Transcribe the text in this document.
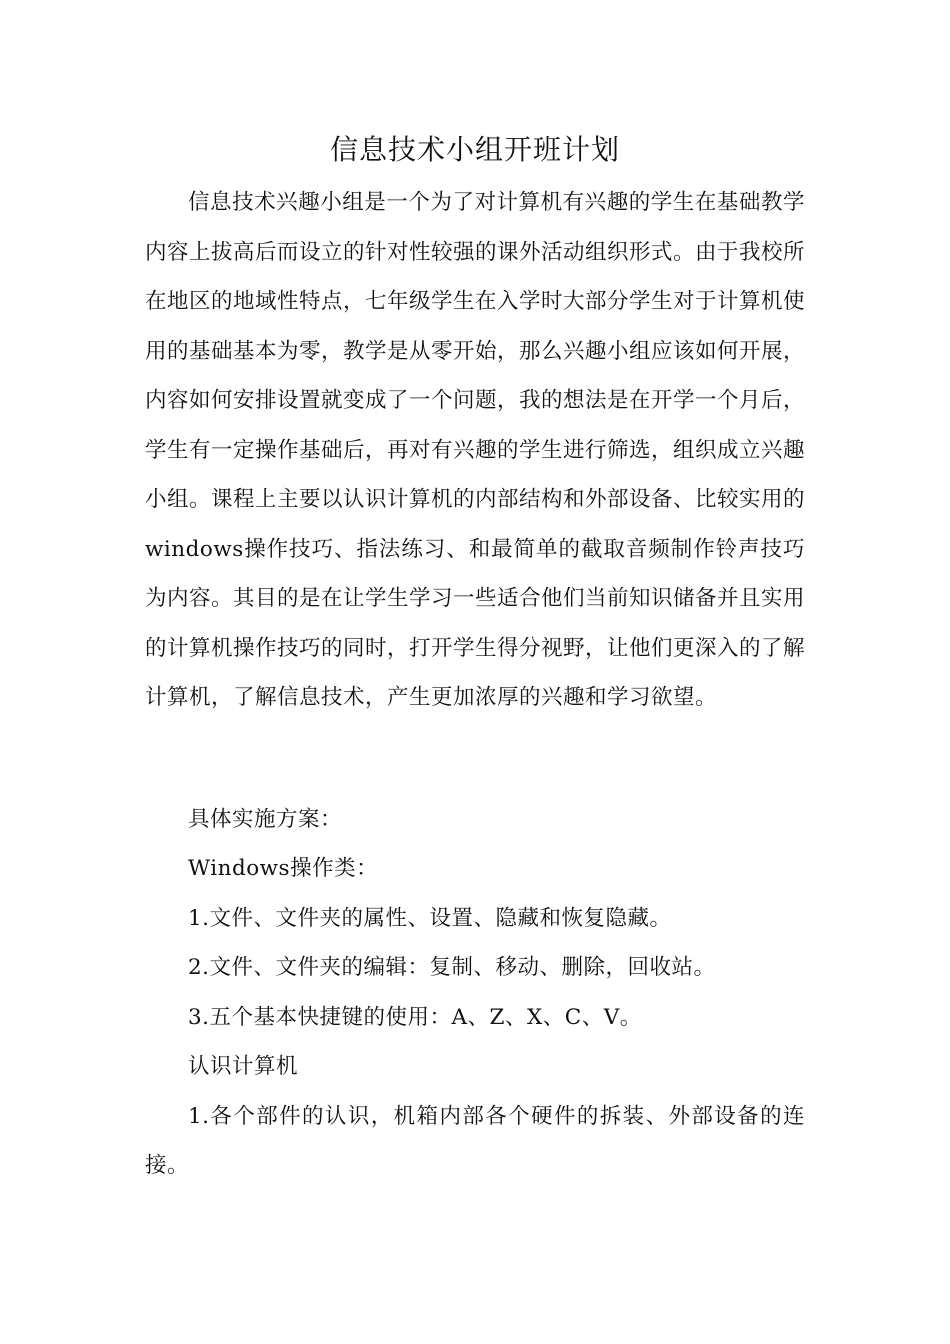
信息技术小组开班计划

信息技术兴趣小组是一个为了对计算机有兴趣的学生在基础教学内容上拔高后而设立的针对性较强的课外活动组织形式。由于我校所在地区的地域性特点，七年级学生在入学时大部分学生对于计算机使用的基础基本为零，教学是从零开始，那么兴趣小组应该如何开展，内容如何安排设置就变成了一个问题，我的想法是在开学一个月后，学生有一定操作基础后，再对有兴趣的学生进行筛选，组织成立兴趣小组。课程上主要以认识计算机的内部结构和外部设备、比较实用的windows操作技巧、指法练习、和最简单的截取音频制作铃声技巧为内容。其目的是在让学生学习一些适合他们当前知识储备并且实用的计算机操作技巧的同时，打开学生得分视野，让他们更深入的了解计算机，了解信息技术，产生更加浓厚的兴趣和学习欲望。

具体实施方案：

Windows操作类：

1.文件、文件夹的属性、设置、隐藏和恢复隐藏。

2.文件、文件夹的编辑：复制、移动、删除，回收站。

3.五个基本快捷键的使用：A、Z、X、C、V。

认识计算机

1.各个部件的认识，机箱内部各个硬件的拆装、外部设备的连接。
